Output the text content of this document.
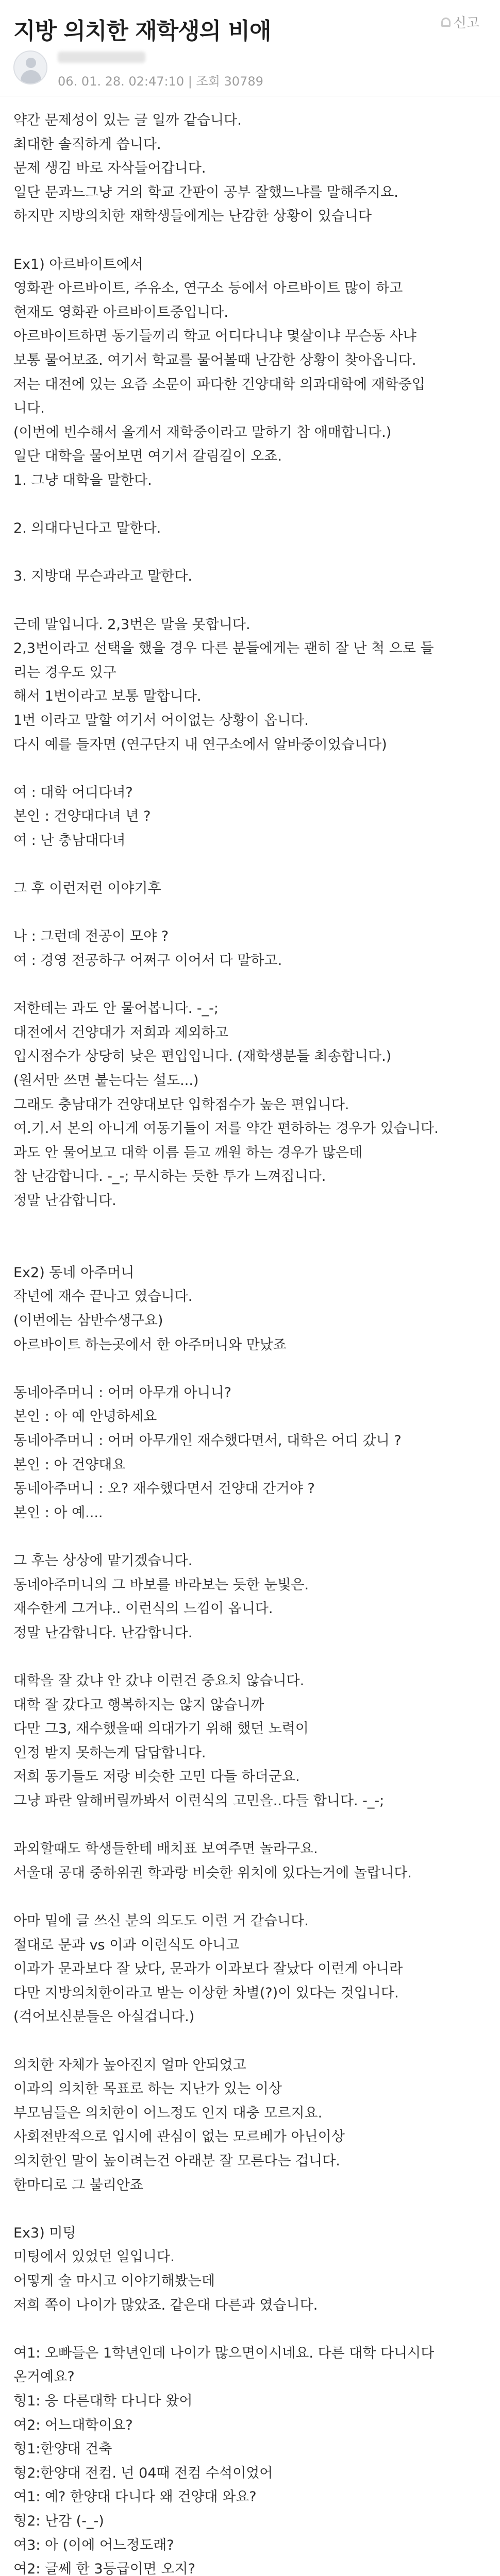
지방 의치한 재학생의 비애	신고
06. 01. 28. 02:47:10 | 조회 30789
약간 문제성이 있는 글 일까 같습니다.
최대한 솔직하게 씁니다.
문제 생김 바로 자삭들어갑니다.
일단 문과느그냥 거의 학교 간판이 공부 잘했느냐를 말해주지요.
하지만 지방의치한 재학생들에게는 난감한 상황이 있습니다
Ex1) 아르바이트에서
영화관 아르바이트, 주유소, 연구소 등에서 아르바이트 많이 하고
현재도 영화관 아르바이트중입니다.
아르바이트하면 동기들끼리 학교 어디다니냐 몇살이냐 무슨동 사냐
보통 물어보죠. 여기서 학교를 물어볼때 난감한 상황이 찾아옵니다.
저는 대전에 있는 요즘 소문이 파다한 건양대학 의과대학에 재학중입
니다.
(이번에 빈수해서 올게서 재학중이라고 말하기 참 애매합니다.)
일단 대학을 물어보면 여기서 갈림길이 오죠.
1. 그냥 대학을 말한다.
2. 의대다닌다고 말한다.
3. 지방대 무슨과라고 말한다.
근데 말입니다. 2,3번은 말을 못합니다.
2,3번이라고 선택을 했을 경우 다른 분들에게는 괜히 잘 난 척 으로 들
리는 경우도 있구
해서 1번이라고 보통 말합니다.
1번 이라고 말할 여기서 어이없는 상황이 옵니다.
다시 예를 들자면 (연구단지 내 연구소에서 알바중이었습니다)
여 : 대학 어디다녀?
본인 : 건양대다녀 년 ?
여 : 난 충남대다녀
그 후 이런저런 이야기후
나 : 그런데 전공이 모야 ?
여 : 경영 전공하구 어쩌구 이어서 다 말하고.
저한테는 과도 안 물어봅니다. -_-;
대전에서 건양대가 저희과 제외하고
입시점수가 상당히 낮은 편입입니다. (재학생분들 최송합니다.)
(원서만 쓰면 붙는다는 설도...)
그래도 충남대가 건양대보단 입학점수가 높은 편입니다.
여.기.서 본의 아니게 여동기들이 저를 약간 편하하는 경우가 있습니다.
과도 안 물어보고 대학 이름 듣고 깨원 하는 경우가 많은데
참 난감합니다. -_-; 무시하는 듯한 투가 느껴집니다.
정말 난감합니다.
Ex2) 동네 아주머니
작년에 재수 끝나고 였습니다.
(이번에는 삼반수생구요)
아르바이트 하는곳에서 한 아주머니와 만났죠
동네아주머니 : 어머 아무개 아니니?
본인 : 아 예 안녕하세요
동네아주머니 : 어머 아무개인 재수했다면서, 대학은 어디 갔니 ?
본인 : 아 건양대요
동네아주머니 : 오? 재수했다면서 건양대 간거야 ?
본인 : 아 예....
그 후는 상상에 맡기겠습니다.
동네아주머니의 그 바보를 바라보는 듯한 눈빛은.
재수한게 그거냐.. 이런식의 느낌이 옵니다.
정말 난감합니다. 난감합니다.
대학을 잘 갔냐 안 갔냐 이런건 중요치 않습니다.
대학 잘 갔다고 행복하지는 않지 않습니까
다만 그3, 재수했을때 의대가기 위해 했던 노력이
인정 받지 못하는게 답답합니다.
저희 동기들도 저랑 비슷한 고민 다들 하더군요.
그냥 파란 알해버릴까봐서 이런식의 고민을..다들 합니다. -_-;
과외할때도 학생들한테 배치표 보여주면 놀라구요.
서울대 공대 중하위권 학과랑 비슷한 위치에 있다는거에 놀랍니다.
아마 밑에 글 쓰신 분의 의도도 이런 거 같습니다.
절대로 문과 vs 이과 이런식도 아니고
이과가 문과보다 잘 났다, 문과가 이과보다 잘났다 이런게 아니라
다만 지방의치한이라고 받는 이상한 차별(?)이 있다는 것입니다.
(걱어보신분들은 아실겁니다.)
의치한 자체가 높아진지 얼마 안되었고
이과의 의치한 목표로 하는 지난가 있는 이상
부모님들은 의치한이 어느정도 인지 대충 모르지요.
사회전반적으로 입시에 관심이 없는 모르베가 아닌이상
의치한인 말이 높이려는건 아래분 잘 모른다는 겁니다.
한마디로 그 불리안죠
Ex3) 미팅
미팅에서 있었던 일입니다.
어떻게 술 마시고 이야기해봤는데
저희 쪽이 나이가 많았죠. 같은대 다른과 였습니다.
여1: 오빠들은 1학년인데 나이가 많으면이시네요. 다른 대학 다니시다
온거예요?
형1: 응 다른대학 다니다 왔어
여2: 어느대학이요?
형1:한양대 건축
형2:한양대 전컴. 넌 04때 전컴 수석이었어
여1: 예? 한양대 다니다 왜 건양대 와요?
형2: 난감 (-_-)
여3: 아 (이에 어느정도래?
여2: 글쎄 한 3등급이면 오지?
